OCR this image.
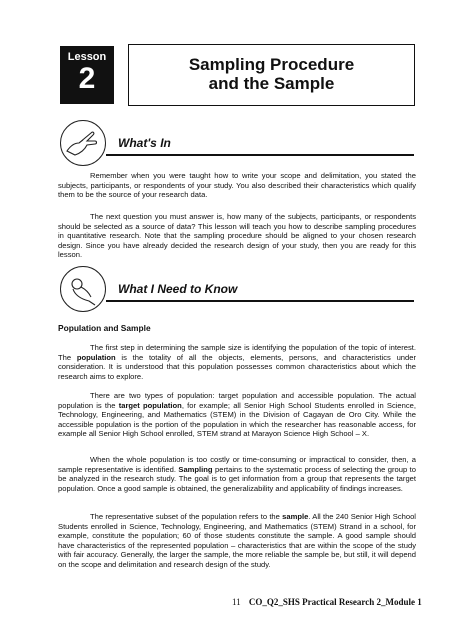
Lesson
2	Sampling Procedure
and the Sample
What's In
Remember when you were taught how to write your scope and delimitation, you stated the subjects, participants, or respondents of your study. You also described their characteristics which qualify them to be the source of your research data.
The next question you must answer is, how many of the subjects, participants, or respondents should be selected as a source of data? This lesson will teach you how to describe sampling procedures in quantitative research. Note that the sampling procedure should be aligned to your chosen research design. Since you have already decided the research design of your study, then you are ready for this lesson.
What I Need to Know
Population and Sample
The first step in determining the sample size is identifying the population of the topic of interest. The population is the totality of all the objects, elements, persons, and characteristics under consideration. It is understood that this population possesses common characteristics about which the research aims to explore.
There are two types of population: target population and accessible population. The actual population is the target population, for example; all Senior High School Students enrolled in Science, Technology, Engineering, and Mathematics (STEM) in the Division of Cagayan de Oro City. While the accessible population is the portion of the population in which the researcher has reasonable access, for example all Senior High School enrolled, STEM strand at Marayon Science High School – X.
When the whole population is too costly or time-consuming or impractical to consider, then, a sample representative is identified. Sampling pertains to the systematic process of selecting the group to be analyzed in the research study. The goal is to get information from a group that represents the target population. Once a good sample is obtained, the generalizability and applicability of findings increases.
The representative subset of the population refers to the sample. All the 240 Senior High School Students enrolled in Science, Technology, Engineering, and Mathematics (STEM) Strand in a school, for example, constitute the population; 60 of those students constitute the sample. A good sample should have characteristics of the represented population – characteristics that are within the scope of the study with fair accuracy. Generally, the larger the sample, the more reliable the sample be, but still, it will depend on the scope and delimitation and research design of the study.
11 CO_Q2_SHS Practical Research 2_Module 1
